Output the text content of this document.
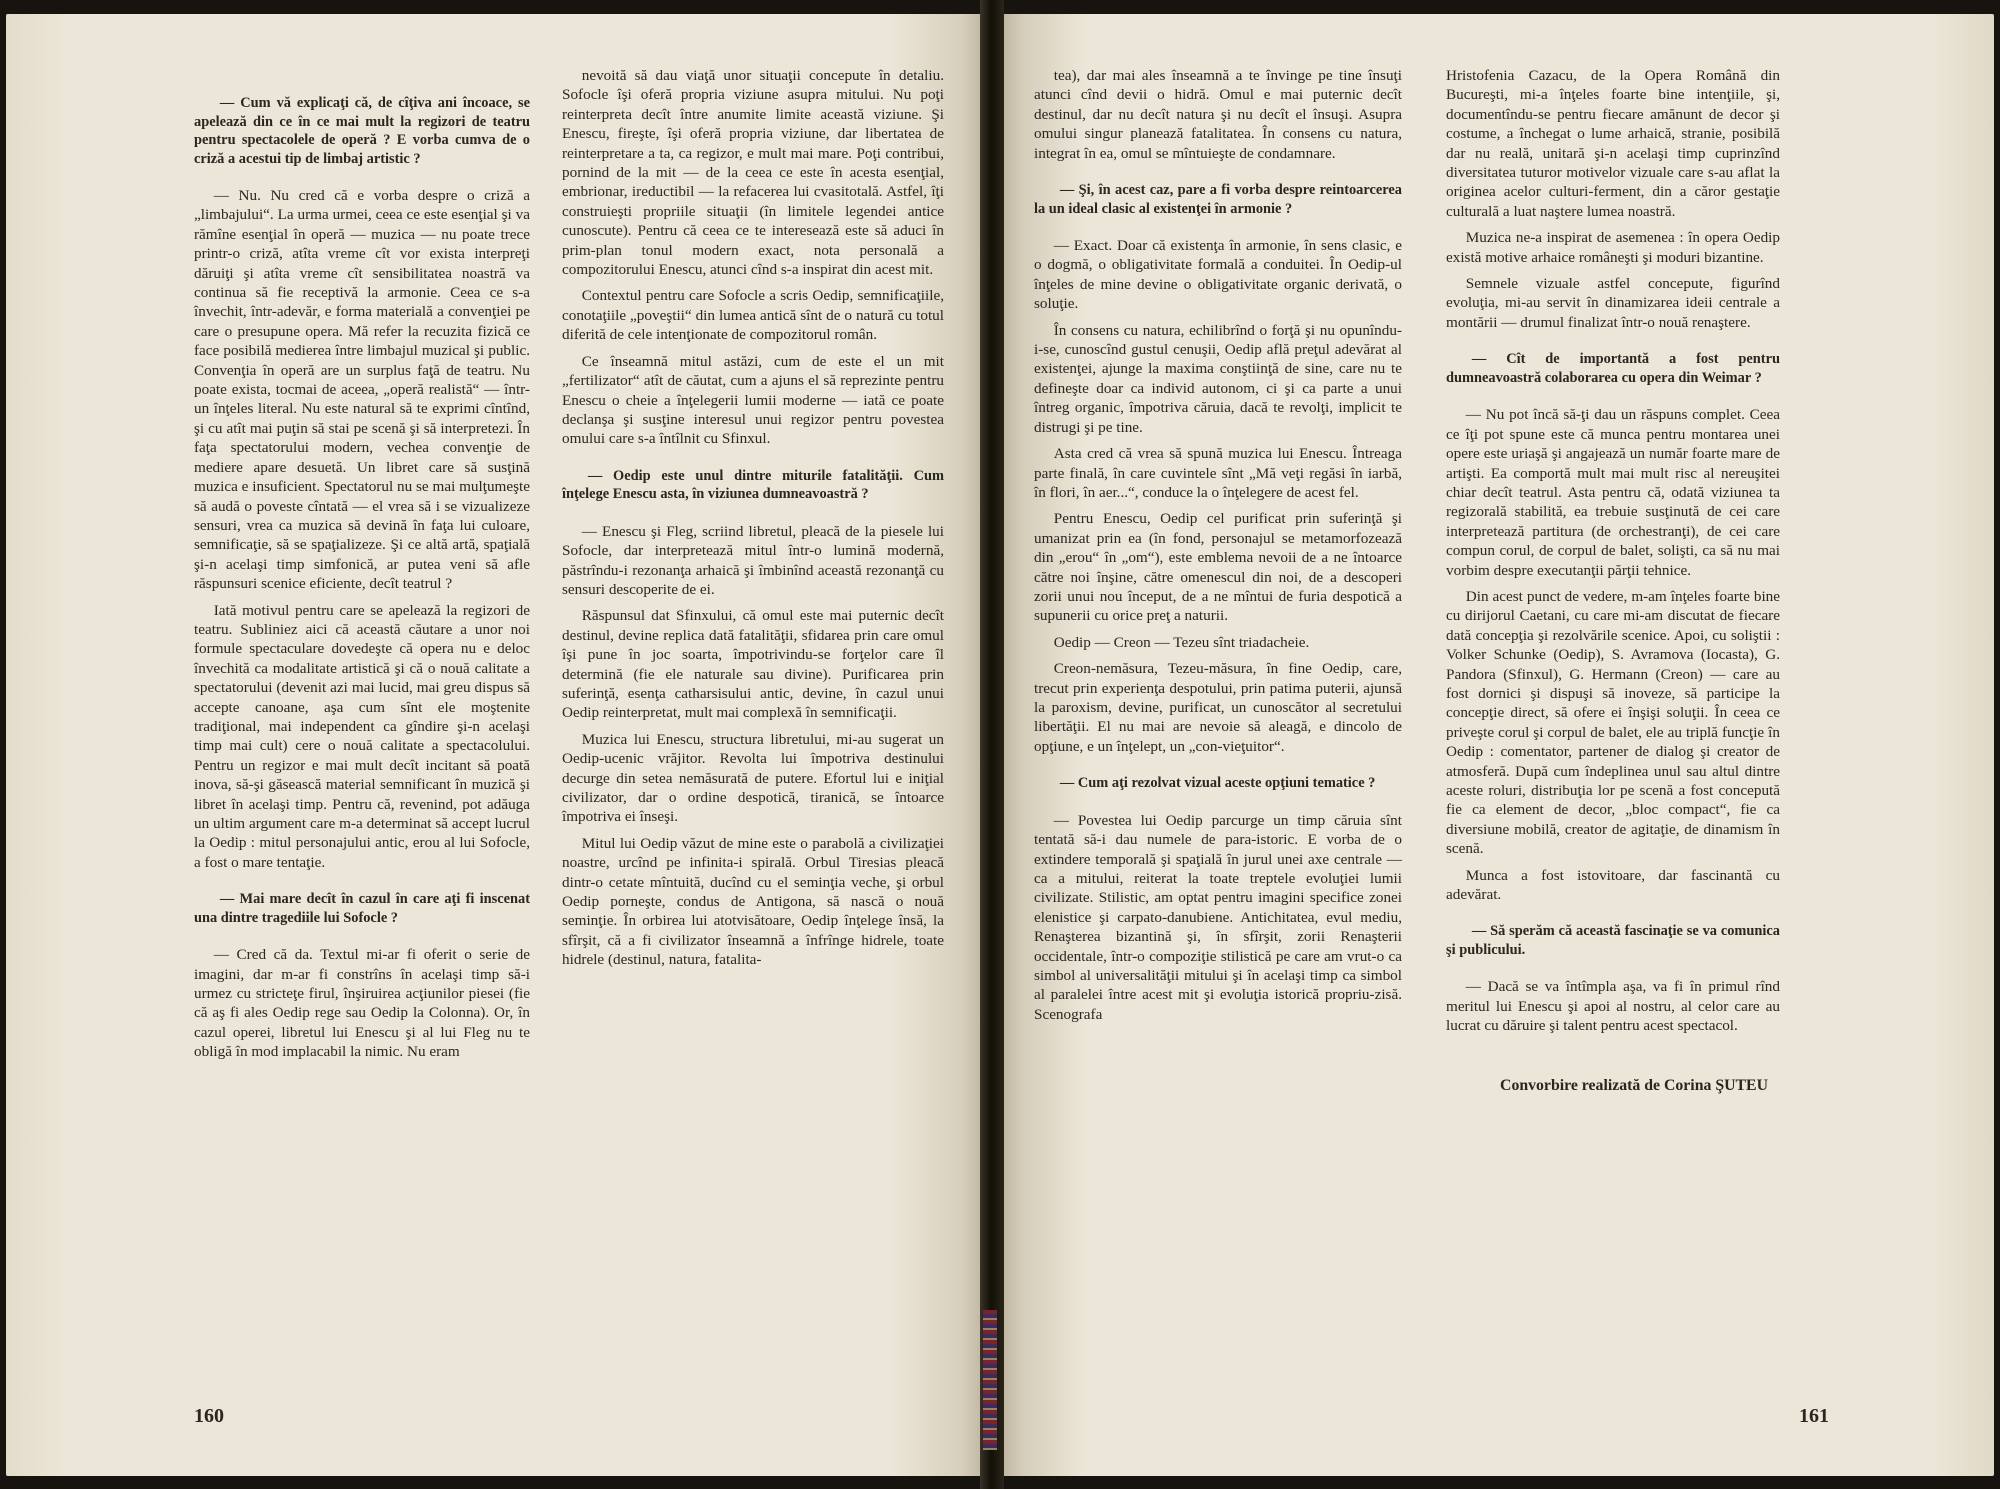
— Cum vă explicaţi că, de cîţiva ani încoace, se apelează din ce în ce mai mult la regizori de teatru pentru spectacolele de operă ? E vorba cumva de o criză a acestui tip de limbaj artistic ?

— Nu. Nu cred că e vorba despre o criză a „limbajului“. La urma urmei, ceea ce este esenţial şi va rămîne esenţial în operă — muzica — nu poate trece printr-o criză, atîta vreme cît vor exista interpreţi dăruiţi şi atîta vreme cît sensibilitatea noastră va continua să fie receptivă la armonie. Ceea ce s-a învechit, într-adevăr, e forma materială a convenţiei pe care o presupune opera. Mă refer la recuzita fizică ce face posibilă medierea între limbajul muzical şi public. Convenţia în operă are un surplus faţă de teatru. Nu poate exista, tocmai de aceea, „operă realistă“ — într-un înţeles literal. Nu este natural să te exprimi cîntînd, şi cu atît mai puţin să stai pe scenă şi să interpretezi. În faţa spectatorului modern, vechea convenţie de mediere apare desuetă. Un libret care să susţină muzica e insuficient. Spectatorul nu se mai mulţumeşte să audă o poveste cîntată — el vrea să i se vizualizeze sensuri, vrea ca muzica să devină în faţa lui culoare, semnificaţie, să se spaţializeze. Şi ce altă artă, spaţială şi-n acelaşi timp simfonică, ar putea veni să afle răspunsuri scenice eficiente, decît teatrul ?

Iată motivul pentru care se apelează la regizori de teatru. Subliniez aici că această căutare a unor noi formule spectaculare dovedeşte că opera nu e deloc învechită ca modalitate artistică şi că o nouă calitate a spectatorului (devenit azi mai lucid, mai greu dispus să accepte canoane, aşa cum sînt ele moştenite tradiţional, mai independent ca gîndire şi-n acelaşi timp mai cult) cere o nouă calitate a spectacolului. Pentru un regizor e mai mult decît incitant să poată inova, să-şi găsească material semnificant în muzică şi libret în acelaşi timp. Pentru că, revenind, pot adăuga un ultim argument care m-a determinat să accept lucrul la Oedip : mitul personajului antic, erou al lui Sofocle, a fost o mare tentaţie.

— Mai mare decît în cazul în care aţi fi inscenat una dintre tragediile lui Sofocle ?

— Cred că da. Textul mi-ar fi oferit o serie de imagini, dar m-ar fi constrîns în acelaşi timp să-i urmez cu stricteţe firul, înşiruirea acţiunilor piesei (fie că aş fi ales Oedip rege sau Oedip la Colonna). Or, în cazul operei, libretul lui Enescu şi al lui Fleg nu te obligă în mod implacabil la nimic. Nu eram

nevoită să dau viaţă unor situaţii concepute în detaliu. Sofocle îşi oferă propria viziune asupra mitului. Nu poţi reinterpreta decît între anumite limite această viziune. Şi Enescu, fireşte, îşi oferă propria viziune, dar libertatea de reinterpretare a ta, ca regizor, e mult mai mare. Poţi contribui, pornind de la mit — de la ceea ce este în acesta esenţial, embrionar, ireductibil — la refacerea lui cvasitotală. Astfel, îţi construieşti propriile situaţii (în limitele legendei antice cunoscute). Pentru că ceea ce te interesează este să aduci în prim-plan tonul modern exact, nota personală a compozitorului Enescu, atunci cînd s-a inspirat din acest mit.

Contextul pentru care Sofocle a scris Oedip, semnificaţiile, conotaţiile „poveştii“ din lumea antică sînt de o natură cu totul diferită de cele intenţionate de compozitorul român.

Ce înseamnă mitul astăzi, cum de este el un mit „fertilizator“ atît de căutat, cum a ajuns el să reprezinte pentru Enescu o cheie a înţelegerii lumii moderne — iată ce poate declanşa şi susţine interesul unui regizor pentru povestea omului care s-a întîlnit cu Sfinxul.

— Oedip este unul dintre miturile fatalităţii. Cum înţelege Enescu asta, în viziunea dumneavoastră ?

— Enescu şi Fleg, scriind libretul, pleacă de la piesele lui Sofocle, dar interpretează mitul într-o lumină modernă, păstrîndu-i rezonanţa arhaică şi îmbinînd această rezonanţă cu sensuri descoperite de ei.

Răspunsul dat Sfinxului, că omul este mai puternic decît destinul, devine replica dată fatalităţii, sfidarea prin care omul îşi pune în joc soarta, împotrivindu-se forţelor care îl determină (fie ele naturale sau divine). Purificarea prin suferinţă, esenţa catharsisului antic, devine, în cazul unui Oedip reinterpretat, mult mai complexă în semnificaţii.

Muzica lui Enescu, structura libretului, mi-au sugerat un Oedip-ucenic vrăjitor. Revolta lui împotriva destinului decurge din setea nemăsurată de putere. Efortul lui e iniţial civilizator, dar o ordine despotică, tiranică, se întoarce împotriva ei înseşi.

Mitul lui Oedip văzut de mine este o parabolă a civilizaţiei noastre, urcînd pe infinita-i spirală. Orbul Tiresias pleacă dintr-o cetate mîntuită, ducînd cu el seminţia veche, şi orbul Oedip porneşte, condus de Antigona, să nască o nouă seminţie. În orbirea lui atotvisătoare, Oedip înţelege însă, la sfîrşit, că a fi civilizator înseamnă a înfrînge hidrele, toate hidrele (destinul, natura, fatalita-

160

tea), dar mai ales înseamnă a te învinge pe tine însuţi atunci cînd devii o hidră. Omul e mai puternic decît destinul, dar nu decît natura şi nu decît el însuşi. Asupra omului singur planează fatalitatea. În consens cu natura, integrat în ea, omul se mîntuieşte de condamnare.

— Şi, în acest caz, pare a fi vorba despre reintoarcerea la un ideal clasic al existenţei în armonie ?

— Exact. Doar că existenţa în armonie, în sens clasic, e o dogmă, o obligativitate formală a conduitei. În Oedip-ul înţeles de mine devine o obligativitate organic derivată, o soluţie.

În consens cu natura, echilibrînd o forţă şi nu opunîndu-i-se, cunoscînd gustul cenuşii, Oedip află preţul adevărat al existenţei, ajunge la maxima conştiinţă de sine, care nu te defineşte doar ca individ autonom, ci şi ca parte a unui întreg organic, împotriva căruia, dacă te revolţi, implicit te distrugi şi pe tine.

Asta cred că vrea să spună muzica lui Enescu. Întreaga parte finală, în care cuvintele sînt „Mă veţi regăsi în iarbă, în flori, în aer...“, conduce la o înţelegere de acest fel.

Pentru Enescu, Oedip cel purificat prin suferinţă şi umanizat prin ea (în fond, personajul se metamorfozează din „erou“ în „om“), este emblema nevoii de a ne întoarce către noi înşine, către omenescul din noi, de a descoperi zorii unui nou început, de a ne mîntui de furia despotică a supunerii cu orice preţ a naturii.

Oedip — Creon — Tezeu sînt triadacheie.

Creon-nemăsura, Tezeu-măsura, în fine Oedip, care, trecut prin experienţa despotului, prin patima puterii, ajunsă la paroxism, devine, purificat, un cunoscător al secretului libertăţii. El nu mai are nevoie să aleagă, e dincolo de opţiune, e un înţelept, un „con-vieţuitor“.

— Cum aţi rezolvat vizual aceste opţiuni tematice ?

— Povestea lui Oedip parcurge un timp căruia sînt tentată să-i dau numele de para-istoric. E vorba de o extindere temporală şi spaţială în jurul unei axe centrale — ca a mitului, reiterat la toate treptele evoluţiei lumii civilizate. Stilistic, am optat pentru imagini specifice zonei elenistice şi carpato-danubiene. Antichitatea, evul mediu, Renaşterea bizantină şi, în sfîrşit, zorii Renaşterii occidentale, într-o compoziţie stilistică pe care am vrut-o ca simbol al universalităţii mitului şi în acelaşi timp ca simbol al paralelei între acest mit şi evoluţia istorică propriu-zisă. Scenografa

Hristofenia Cazacu, de la Opera Română din Bucureşti, mi-a înţeles foarte bine intenţiile, şi, documentîndu-se pentru fiecare amănunt de decor şi costume, a închegat o lume arhaică, stranie, posibilă dar nu reală, unitară şi-n acelaşi timp cuprinzînd diversitatea tuturor motivelor vizuale care s-au aflat la originea acelor culturi-ferment, din a căror gestaţie culturală a luat naştere lumea noastră.

Muzica ne-a inspirat de asemenea : în opera Oedip există motive arhaice româneşti şi moduri bizantine.

Semnele vizuale astfel concepute, figurînd evoluţia, mi-au servit în dinamizarea ideii centrale a montării — drumul finalizat într-o nouă renaştere.

— Cît de importantă a fost pentru dumneavoastră colaborarea cu opera din Weimar ?

— Nu pot încă să-ţi dau un răspuns complet. Ceea ce îţi pot spune este că munca pentru montarea unei opere este uriaşă şi angajează un număr foarte mare de artişti. Ea comportă mult mai mult risc al nereuşitei chiar decît teatrul. Asta pentru că, odată viziunea ta regizorală stabilită, ea trebuie susţinută de cei care interpretează partitura (de orchestranţi), de cei care compun corul, de corpul de balet, solişti, ca să nu mai vorbim despre executanţii părţii tehnice.

Din acest punct de vedere, m-am înţeles foarte bine cu dirijorul Caetani, cu care mi-am discutat de fiecare dată concepţia şi rezolvările scenice. Apoi, cu soliştii : Volker Schunke (Oedip), S. Avramova (Iocasta), G. Pandora (Sfinxul), G. Hermann (Creon) — care au fost dornici şi dispuşi să inoveze, să participe la concepţie direct, să ofere ei înşişi soluţii. În ceea ce priveşte corul şi corpul de balet, ele au triplă funcţie în Oedip : comentator, partener de dialog şi creator de atmosferă. După cum îndeplinea unul sau altul dintre aceste roluri, distribuţia lor pe scenă a fost concepută fie ca element de decor, „bloc compact“, fie ca diversiune mobilă, creator de agitaţie, de dinamism în scenă.

Munca a fost istovitoare, dar fascinantă cu adevărat.

— Să sperăm că această fascinaţie se va comunica şi publicului.

— Dacă se va întîmpla aşa, va fi în primul rînd meritul lui Enescu şi apoi al nostru, al celor care au lucrat cu dăruire şi talent pentru acest spectacol.

Convorbire realizată de Corina ŞUTEU

161
